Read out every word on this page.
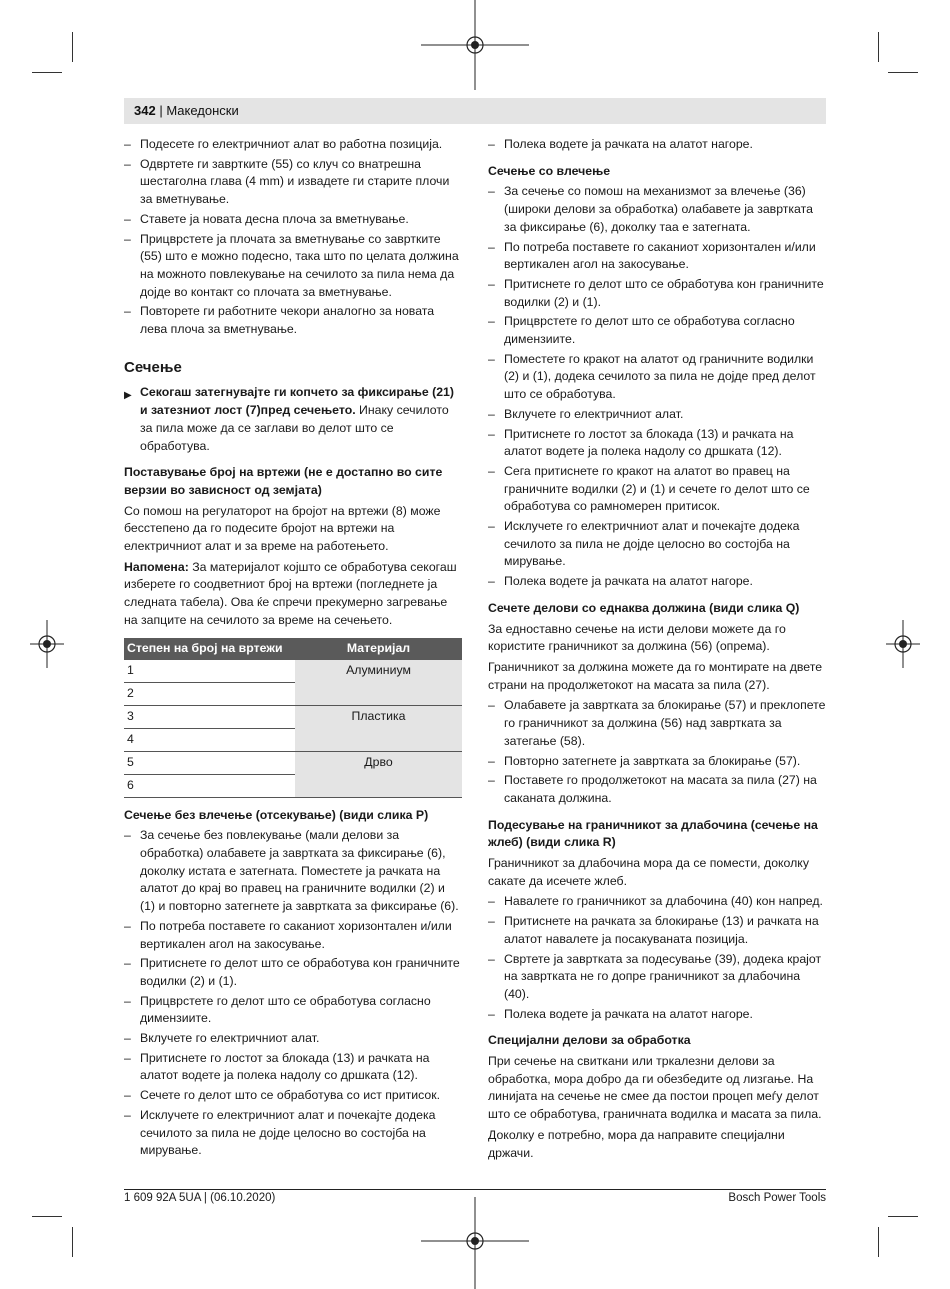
342 | Македонски
– Подесете го електричниот алат во работна позиција.
– Одвртете ги завртките (55) со клуч со внатрешна шестаголна глава (4 mm) и извадете ги старите плочи за вметнување.
– Ставете ја новата десна плоча за вметнување.
– Прицврстете ја плочата за вметнување со завртките (55) што е можно подесно, така што по целата должина на можното повлекување на сечилото за пила нема да дојде во контакт со плочата за вметнување.
– Повторете ги работните чекори аналогно за новата лева плоча за вметнување.
Сечење
▶ Секогаш затегнувајте ги копчето за фиксирање (21) и затезниот лост (7)пред сечењето. Инаку сечилото за пила може да се заглави во делот што се обработува.
Поставување број на вртежи (не е достапно во сите верзии во зависност од земјата)

Со помош на регулаторот на бројот на вртежи (8) може бесстепено да го подесите бројот на вртежи на електричниот алат и за време на работењето.

Напомена: За материјалот којшто се обработува секогаш изберете го соодветниот број на вртежи (погледнете ја следната табела). Ова ќе спречи прекумерно загревање на запците на сечилото за време на сечењето.

Степен на број на вртежи	Материјал
1	Алуминиум
2	
3	Пластика
4	
5	Дрво
6	
Сечење без влечење (отсекување) (види слика P)
– За сечење без повлекување (мали делови за обработка) олабавете ја завртката за фиксирање (6), доколку истата е затегната. Поместете ја рачката на алатот до крај во правец на граничните водилки (2) и (1) и повторно затегнете ја завртката за фиксирање (6).
– По потреба поставете го саканиот хоризонтален и/или вертикален агол на закосување.
– Притиснете го делот што се обработува кон граничните водилки (2) и (1).
– Прицврстете го делот што се обработува согласно димензиите.
– Вклучете го електричниот алат.
– Притиснете го лостот за блокада (13) и рачката на алатот водете ја полека надолу со дршката (12).
– Сечете го делот што се обработува со ист притисок.
– Исклучете го електричниот алат и почекајте додека сечилото за пила не дојде целосно во состојба на мирување.
– Полека водете ја рачката на алатот нагоре.
Сечење со влечење
– За сечење со помош на механизмот за влечење (36) (широки делови за обработка) олабавете ја завртката за фиксирање (6), доколку таа е затегната.
– По потреба поставете го саканиот хоризонтален и/или вертикален агол на закосување.
– Притиснете го делот што се обработува кон граничните водилки (2) и (1).
– Прицврстете го делот што се обработува согласно димензиите.
– Поместете го кракот на алатот од граничните водилки (2) и (1), додека сечилото за пила не дојде пред делот што се обработува.
– Вклучете го електричниот алат.
– Притиснете го лостот за блокада (13) и рачката на алатот водете ја полека надолу со дршката (12).
– Сега притиснете го кракот на алатот во правец на граничните водилки (2) и (1) и сечете го делот што се обработува со рамномерен притисок.
– Исклучете го електричниот алат и почекајте додека сечилото за пила не дојде целосно во состојба на мирување.
– Полека водете ја рачката на алатот нагоре.
Сечете делови со еднаква должина (види слика Q)

За едноставно сечење на исти делови можете да го користите граничникот за должина (56) (опрема).

Граничникот за должина можете да го монтирате на двете страни на продолжетокот на масата за пила (27).

– Олабавете ја завртката за блокирање (57) и преклопете го граничникот за должина (56) над завртката за затегање (58).
– Повторно затегнете ја завртката за блокирање (57).
– Поставете го продолжетокот на масата за пила (27) на саканата должина.
Подесување на граничникот за длабочина (сечење на жлеб) (види слика R)

Граничникот за длабочина мора да се помести, доколку сакате да исечете жлеб.

– Навалете го граничникот за длабочина (40) кон напред.
– Притиснете на рачката за блокирање (13) и рачката на алатот навалете ја посакуваната позиција.
– Свртете ја завртката за подесување (39), додека крајот на завртката не го допре граничникот за длабочина (40).
– Полека водете ја рачката на алатот нагоре.
Специјални делови за обработка

При сечење на свиткани или тркалезни делови за обработка, мора добро да ги обезбедите од лизгање. На линијата на сечење не смее да постои процеп меѓу делот што се обработува, граничната водилка и масата за пила.

Доколку е потребно, мора да направите специјални држачи.

1 609 92A 5UA | (06.10.2020)	Bosch Power Tools
